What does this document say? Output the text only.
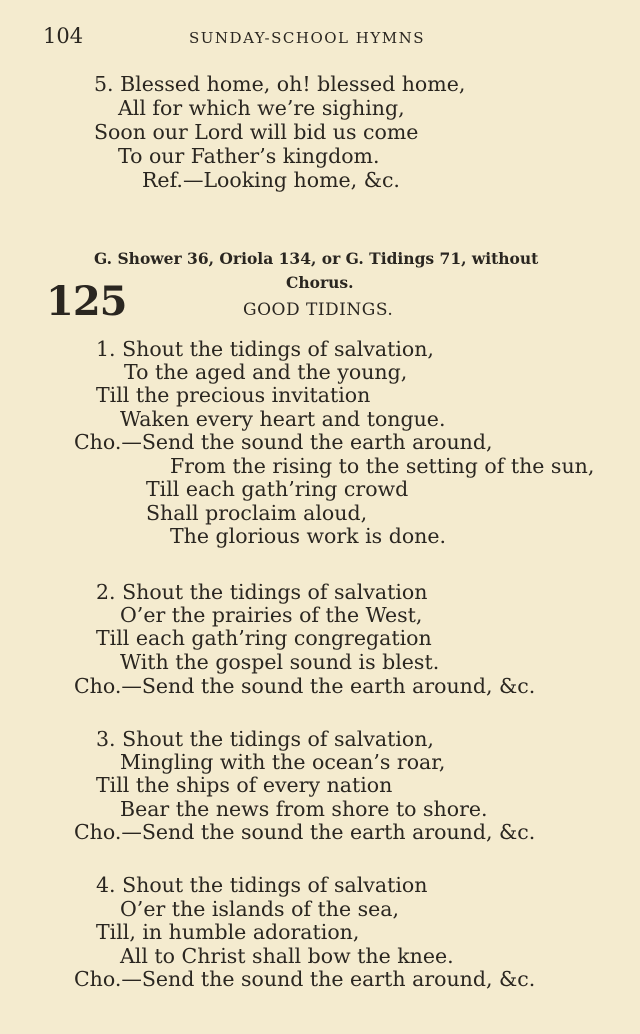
104	SUNDAY-SCHOOL HYMNS
5. Blessed home, oh! blessed home,
All for which we’re sighing,
Soon our Lord will bid us come
To our Father’s kingdom.
Ref.—Looking home, &c.
G. Shower 36, Oriola 134, or G. Tidings 71, without
Chorus.
125	GOOD TIDINGS.
1. Shout the tidings of salvation,
To the aged and the young,
Till the precious invitation
Waken every heart and tongue.
Cho.—Send the sound the earth around,
From the rising to the setting of the sun,
Till each gath’ring crowd
Shall proclaim aloud,
The glorious work is done.
2. Shout the tidings of salvation
O’er the prairies of the West,
Till each gath’ring congregation
With the gospel sound is blest.
Cho.—Send the sound the earth around, &c.
3. Shout the tidings of salvation,
Mingling with the ocean’s roar,
Till the ships of every nation
Bear the news from shore to shore.
Cho.—Send the sound the earth around, &c.
4. Shout the tidings of salvation
O’er the islands of the sea,
Till, in humble adoration,
All to Christ shall bow the knee.
Cho.—Send the sound the earth around, &c.
